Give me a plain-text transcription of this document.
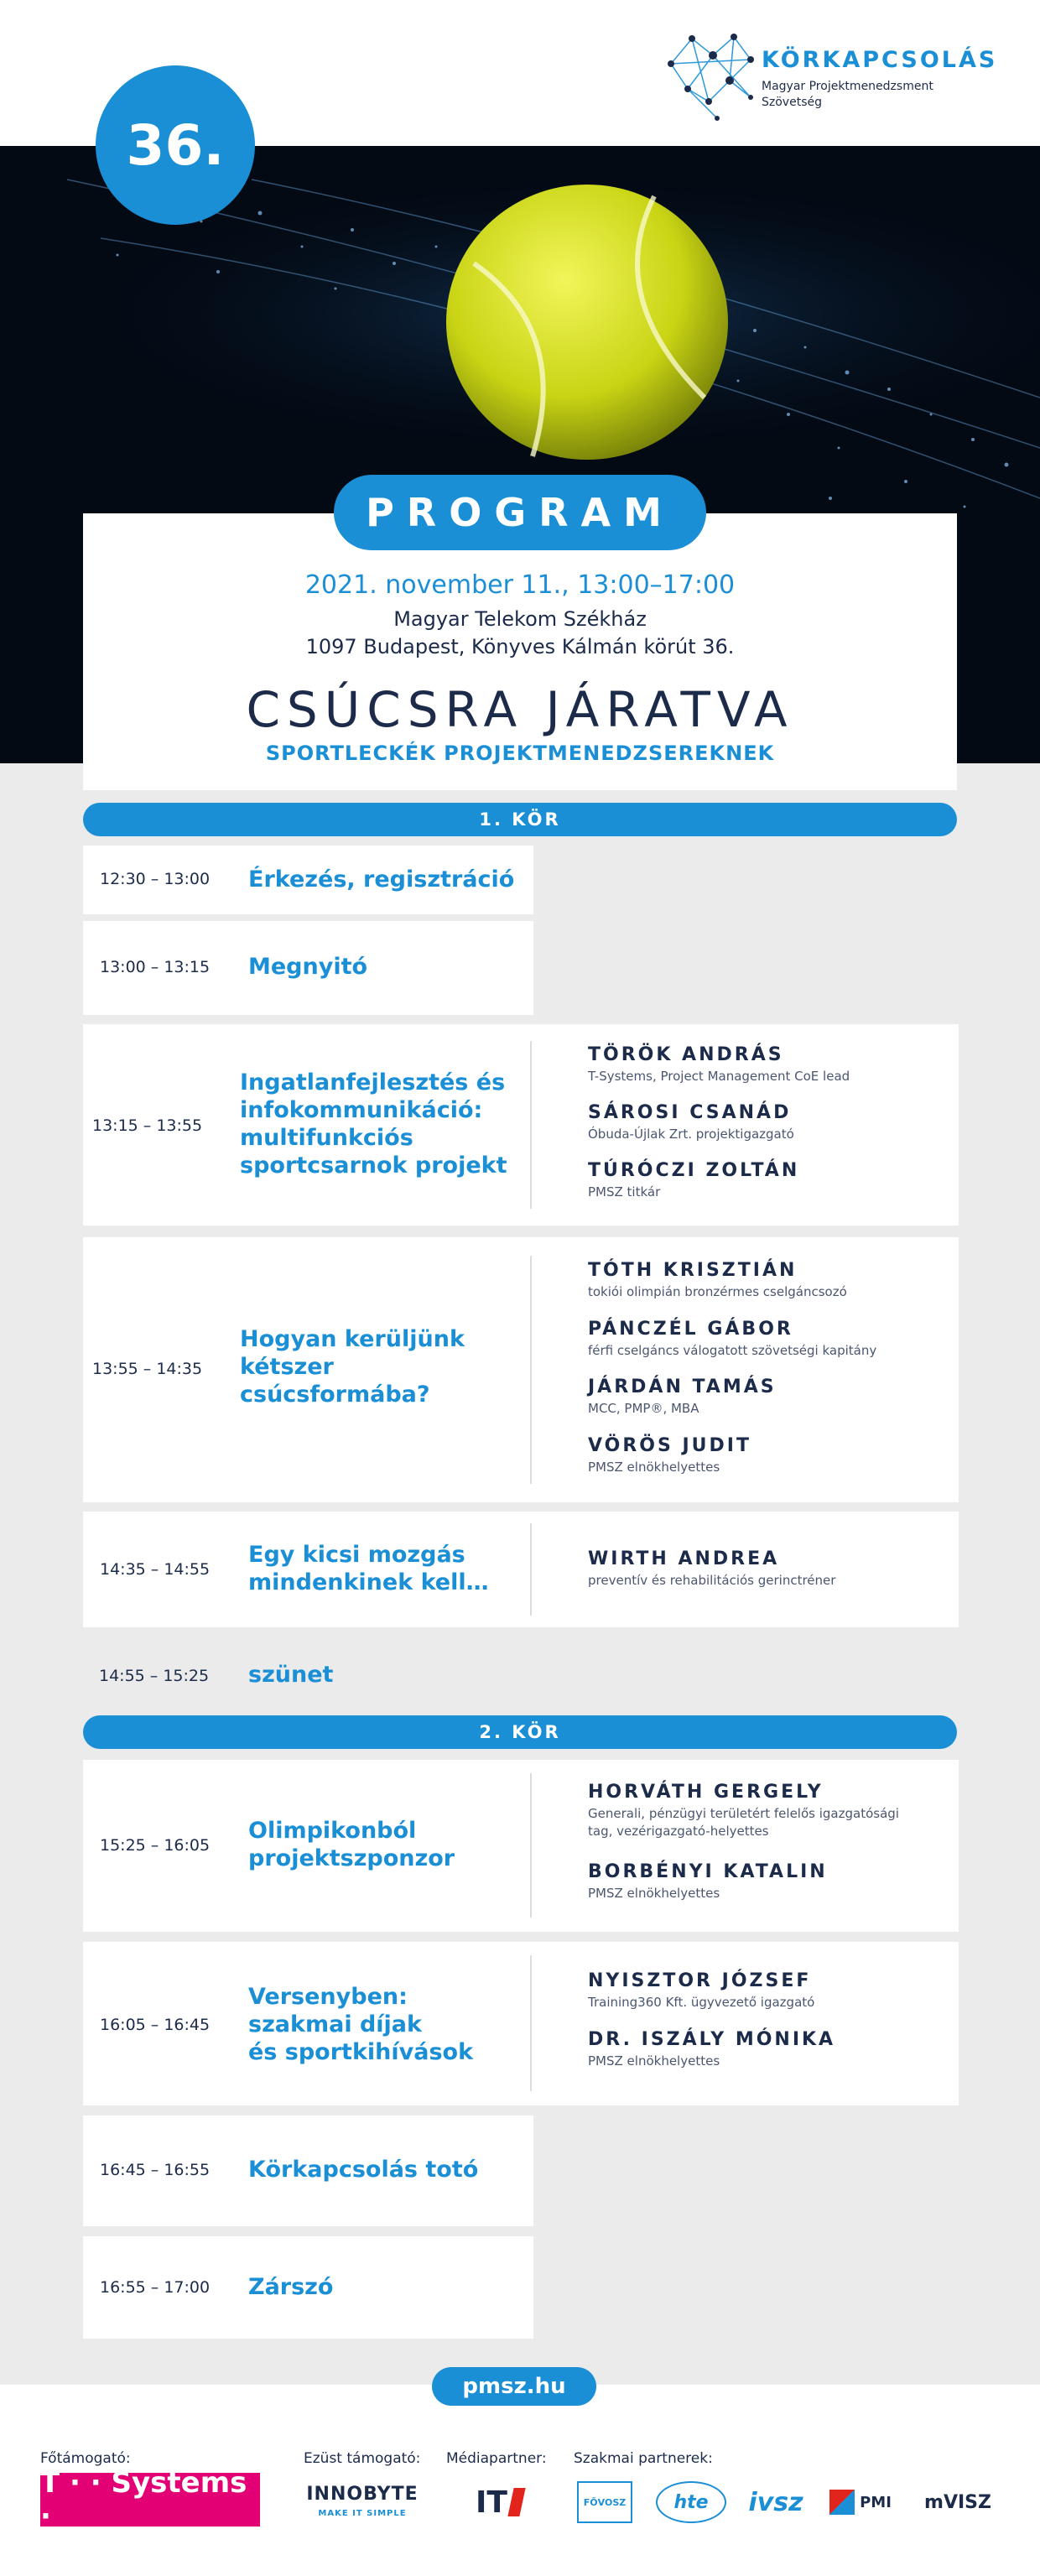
36.
KÖRKAPCSOLÁS
Magyar Projektmenedzsment
Szövetség
PROGRAM
2021. november 11., 13:00–17:00
Magyar Telekom Székház
1097 Budapest, Könyves Kálmán körút 36.
CSÚCSRA JÁRATVA
SPORTLECKÉK PROJEKTMENEDZSEREKNEK
1. KÖR
2. KÖR
12:30 – 13:00 Érkezés, regisztráció
13:00 – 13:15 Megnyitó
13:15 – 13:55
Ingatlanfejlesztés és
infokommunikáció:
multifunkciós
sportcsarnok projekt
TÖRÖK ANDRÁS
T-Systems, Project Management CoE lead
SÁROSI CSANÁD
Óbuda-Újlak Zrt. projektigazgató
TÚRÓCZI ZOLTÁN
PMSZ titkár
13:55 – 14:35
Hogyan kerüljünk
kétszer
csúcsformába?
TÓTH KRISZTIÁN
tokiói olimpián bronzérmes cselgáncsozó
PÁNCZÉL GÁBOR
férfi cselgáncs válogatott szövetségi kapitány
JÁRDÁN TAMÁS
MCC, PMP®, MBA
VÖRÖS JUDIT
PMSZ elnökhelyettes
14:35 – 14:55
Egy kicsi mozgás
mindenkinek kell…
WIRTH ANDREA
preventív és rehabilitációs gerinctréner
14:55 – 15:25 szünet
15:25 – 16:05
Olimpikonból
projektszponzor
HORVÁTH GERGELY
Generali, pénzügyi területért felelős igazgatósági tag, vezérigazgató-helyettes
BORBÉNYI KATALIN
PMSZ elnökhelyettes
16:05 – 16:45
Versenyben:
szakmai díjak
és sportkihívások
NYISZTOR JÓZSEF
Training360 Kft. ügyvezető igazgató
DR. ISZÁLY MÓNIKA
PMSZ elnökhelyettes
16:45 – 16:55 Körkapcsolás totó
16:55 – 17:00 Zárszó
pmsz.hu
Főtámogató:	Ezüst támogató: Médiapartner: Szakmai partnerek:
T · · Systems ·
INNOBYTE
MAKE IT SIMPLE	IT	FŐVOSZ	hte	ivsz	PMI	mVISZ
